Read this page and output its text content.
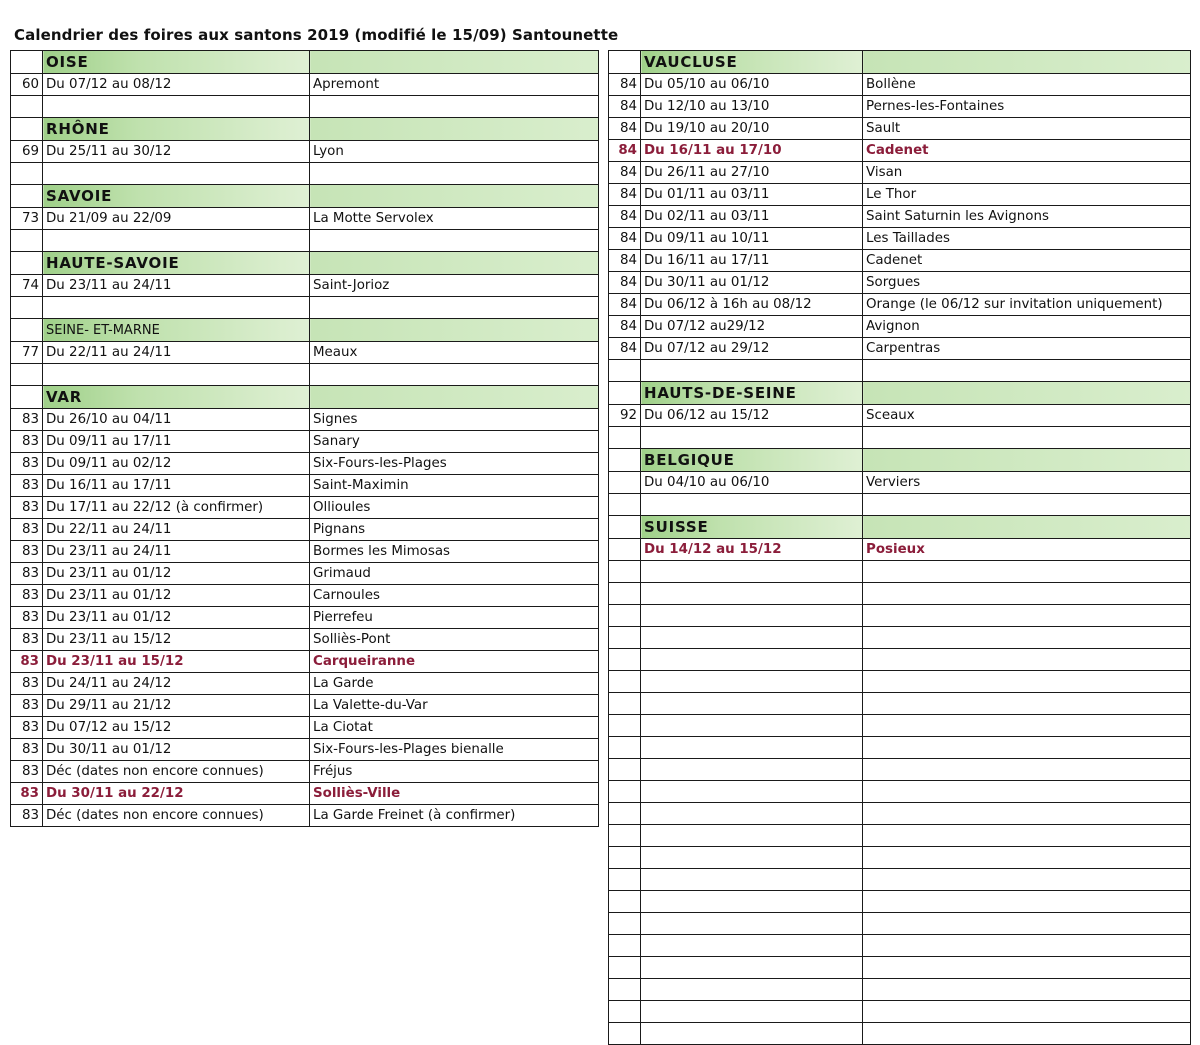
Calendrier des foires aux santons 2019 (modifié le 15/09) Santounette
	OISE	
60	Du 07/12 au 08/12	Apremont

	RHÔNE	
69	Du 25/11 au 30/12	Lyon

	SAVOIE	
73	Du 21/09 au 22/09	La Motte Servolex

	HAUTE-SAVOIE	
74	Du 23/11 au 24/11	Saint-Jorioz

	SEINE- ET-MARNE	
77	Du 22/11 au 24/11	Meaux

	VAR	
83	Du 26/10 au 04/11	Signes
83	Du 09/11 au 17/11	Sanary
83	Du 09/11 au 02/12	Six-Fours-les-Plages
83	Du 16/11 au 17/11	Saint-Maximin
83	Du 17/11 au 22/12 (à confirmer)	Ollioules
83	Du 22/11 au 24/11	Pignans
83	Du 23/11 au 24/11	Bormes les Mimosas
83	Du 23/11 au 01/12	Grimaud
83	Du 23/11 au 01/12	Carnoules
83	Du 23/11 au 01/12	Pierrefeu
83	Du 23/11 au 15/12	Solliès-Pont
83	Du 23/11 au 15/12	Carqueiranne
83	Du 24/11 au 24/12	La Garde
83	Du 29/11 au 21/12	La Valette-du-Var
83	Du 07/12 au 15/12	La Ciotat
83	Du 30/11 au 01/12	Six-Fours-les-Plages bienalle
83	Déc (dates non encore connues)	Fréjus
83	Du 30/11 au 22/12	Solliès-Ville
83	Déc (dates non encore connues)	La Garde Freinet (à confirmer)
	VAUCLUSE	
84	Du 05/10 au 06/10	Bollène
84	Du 12/10 au 13/10	Pernes-les-Fontaines
84	Du 19/10 au 20/10	Sault
84	Du 16/11 au 17/10	Cadenet
84	Du 26/11 au 27/10	Visan
84	Du 01/11 au 03/11	Le Thor
84	Du 02/11 au 03/11	Saint Saturnin les Avignons
84	Du 09/11 au 10/11	Les Taillades
84	Du 16/11 au 17/11	Cadenet
84	Du 30/11 au 01/12	Sorgues
84	Du 06/12 à 16h au 08/12	Orange (le 06/12 sur invitation uniquement)
84	Du 07/12 au29/12	Avignon
84	Du 07/12 au 29/12	Carpentras

	HAUTS-DE-SEINE	
92	Du 06/12 au 15/12	Sceaux

	BELGIQUE	
	Du 04/10 au 06/10	Verviers

	SUISSE	
	Du 14/12 au 15/12	Posieux
